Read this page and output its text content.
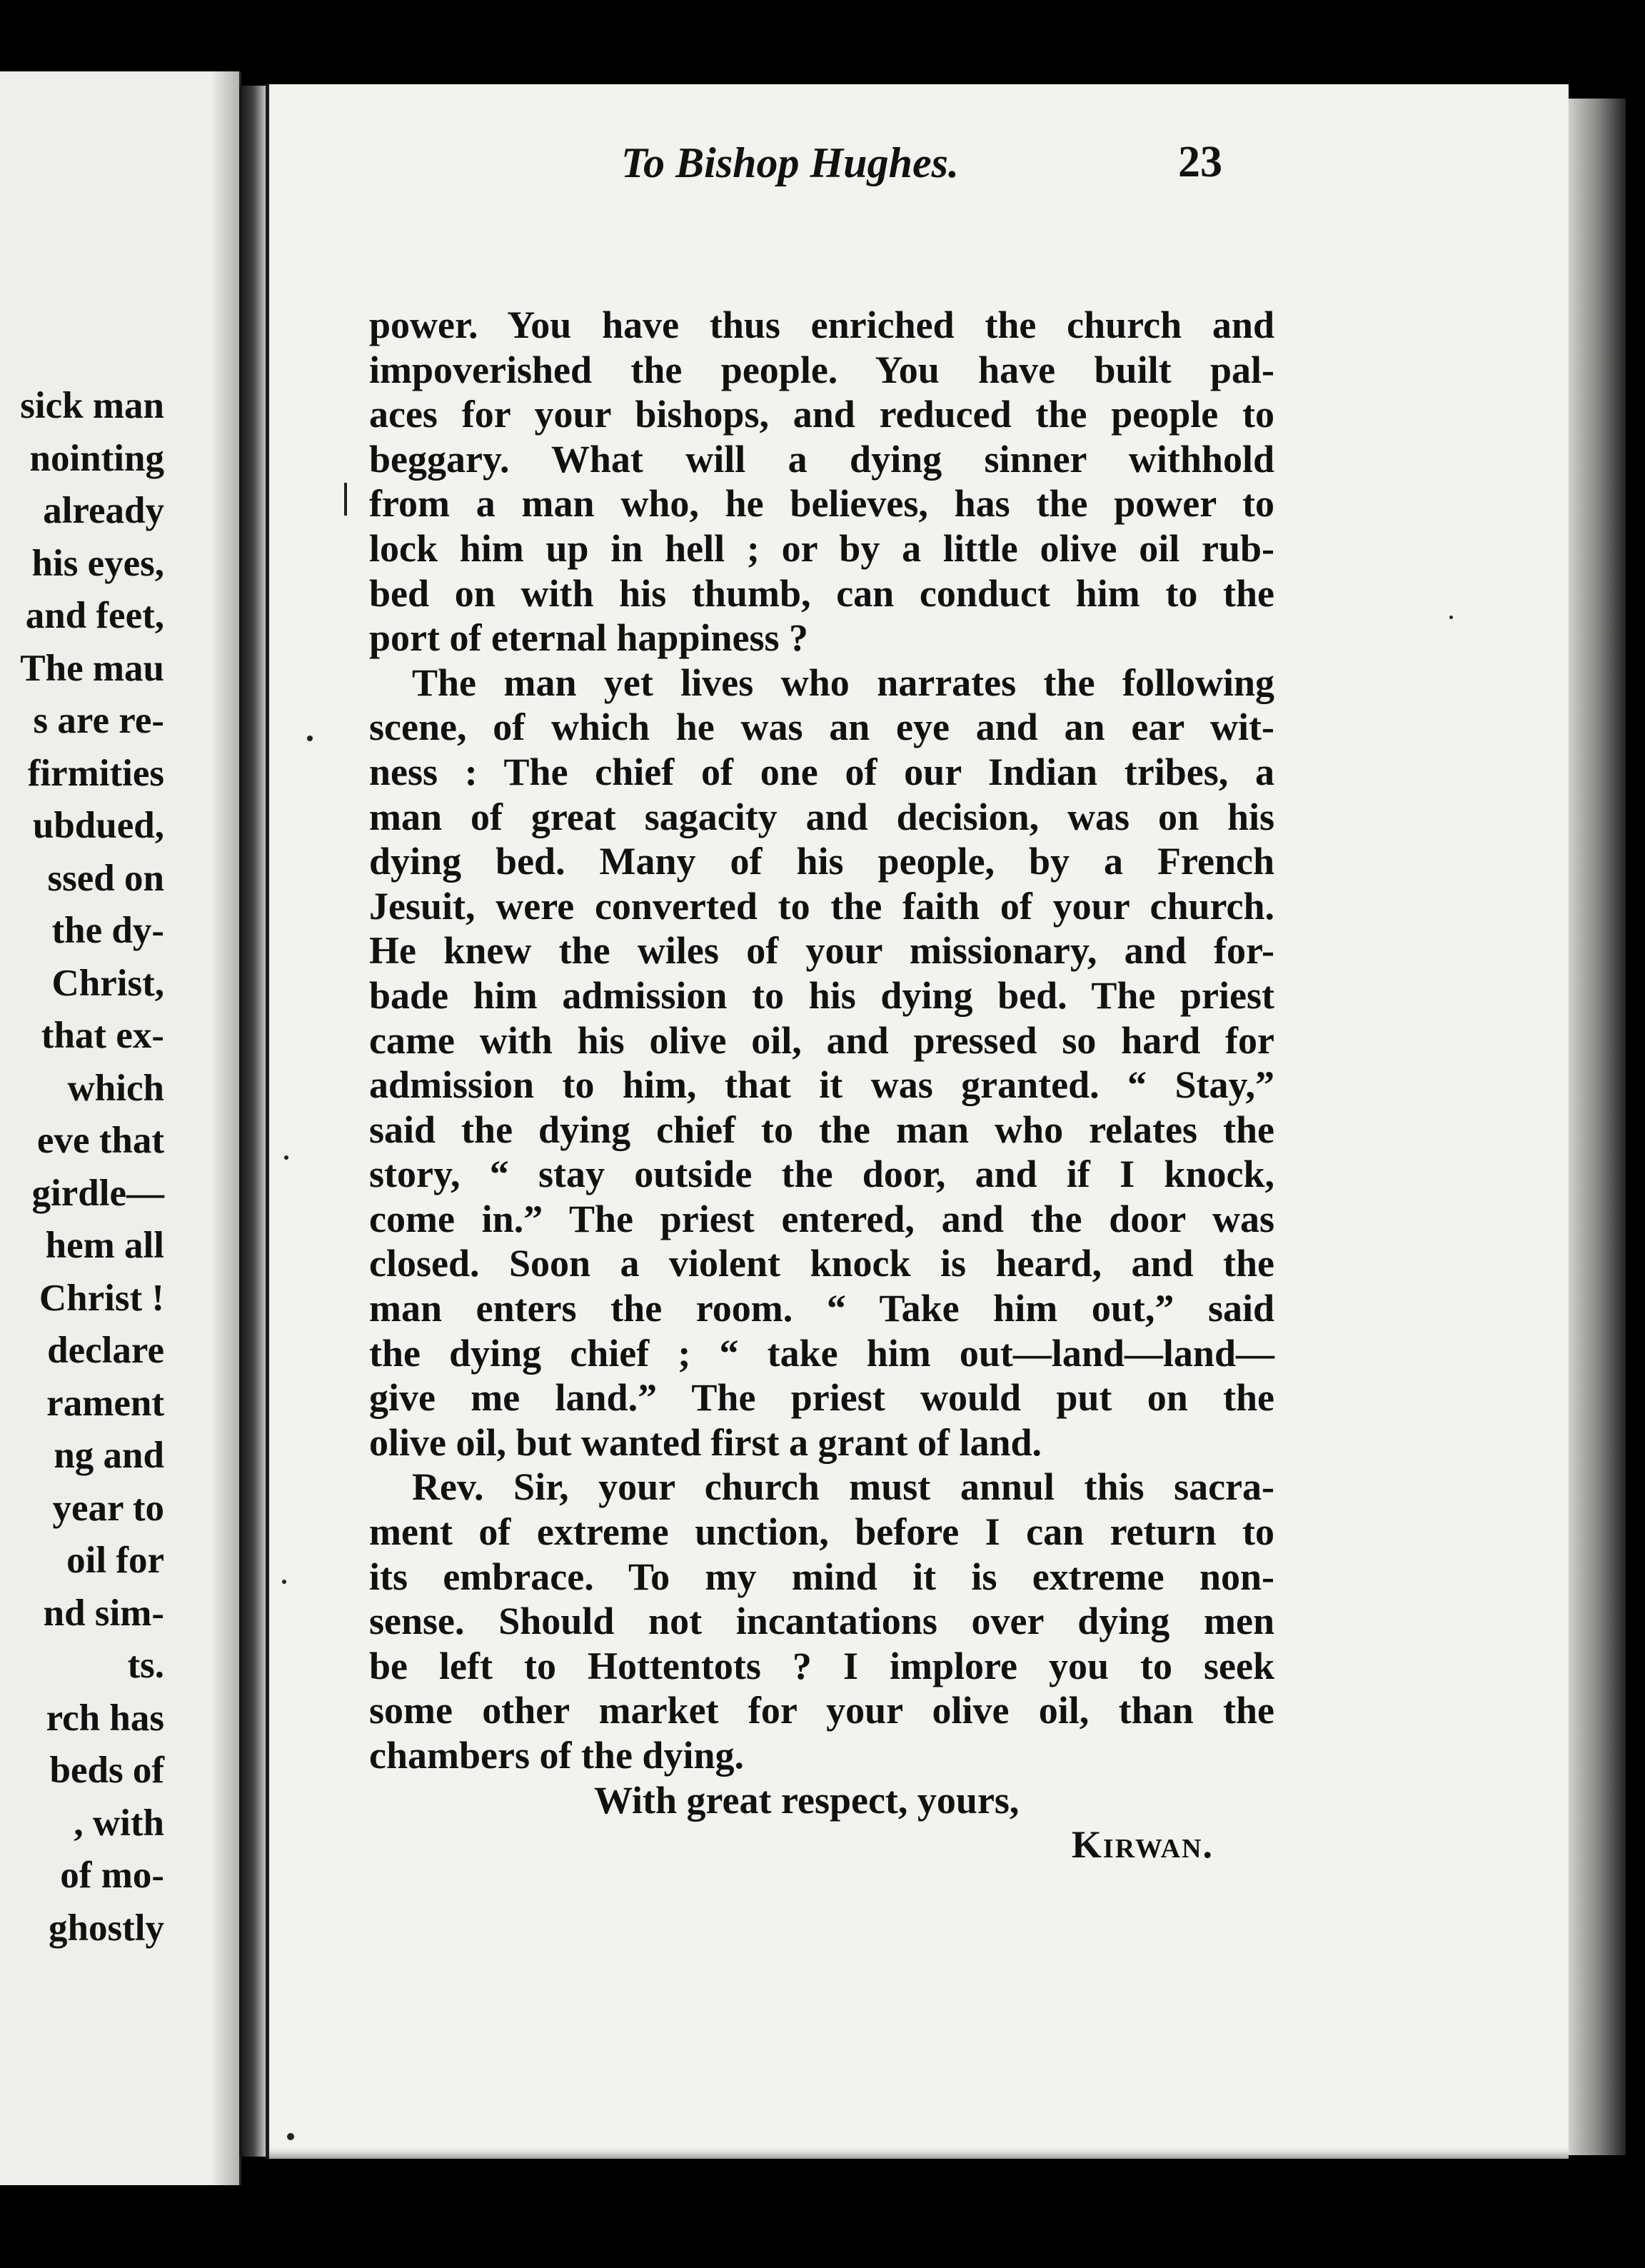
sick man
nointing
already
his eyes,
and feet,
The mau
s are re-
firmities
ubdued,
ssed on
the dy-
Christ,
that ex-
which
eve that
girdle—
hem all
Christ !
declare
rament
ng and
year to
oil for
nd sim-
ts.
rch has
beds of
, with
of mo-
ghostly
To Bishop Hughes.	23
power. You have thus enriched the church and
impoverished the people. You have built pal-
aces for your bishops, and reduced the people to
beggary. What will a dying sinner withhold
from a man who, he believes, has the power to
lock him up in hell ; or by a little olive oil rub-
bed on with his thumb, can conduct him to the
port of eternal happiness ?
The man yet lives who narrates the following
scene, of which he was an eye and an ear wit-
ness : The chief of one of our Indian tribes, a
man of great sagacity and decision, was on his
dying bed. Many of his people, by a French
Jesuit, were converted to the faith of your church.
He knew the wiles of your missionary, and for-
bade him admission to his dying bed. The priest
came with his olive oil, and pressed so hard for
admission to him, that it was granted. “ Stay,”
said the dying chief to the man who relates the
story, “ stay outside the door, and if I knock,
come in.” The priest entered, and the door was
closed. Soon a violent knock is heard, and the
man enters the room. “ Take him out,” said
the dying chief ; “ take him out—land—land—
give me land.” The priest would put on the
olive oil, but wanted first a grant of land.
Rev. Sir, your church must annul this sacra-
ment of extreme unction, before I can return to
its embrace. To my mind it is extreme non-
sense. Should not incantations over dying men
be left to Hottentots ? I implore you to seek
some other market for your olive oil, than the
chambers of the dying.
With great respect, yours,
Kirwan.
